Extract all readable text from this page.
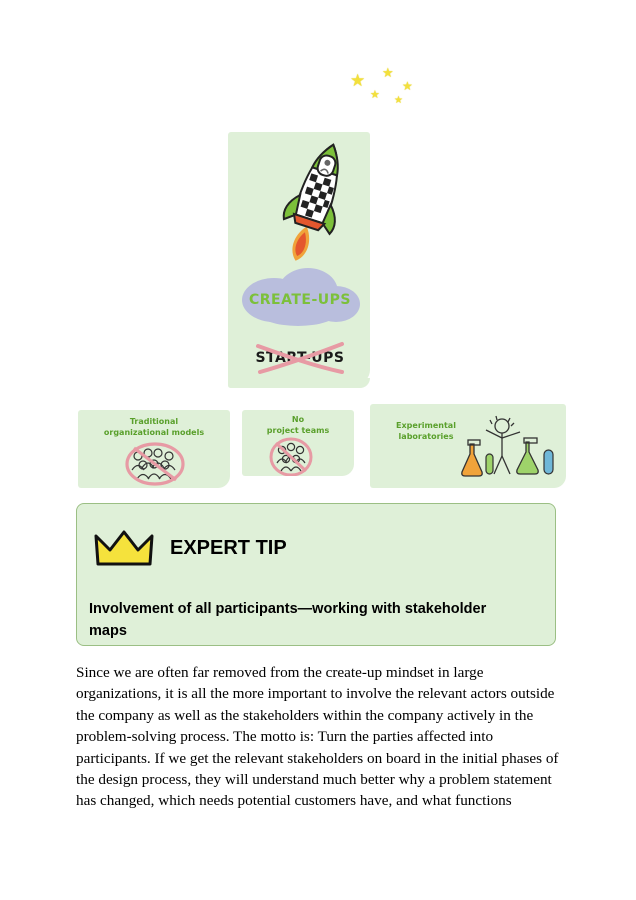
★ ★
★
★ ★
CREATE-UPS
START-UPS
Traditional
organizational models
No
project teams
Experimental
laboratories
EXPERT TIP
Involvement of all participants—working with stakeholder maps
Since we are often far removed from the create-up mindset in large organizations, it is all the more important to involve the relevant actors outside the company as well as the stakeholders within the company actively in the problem-solving process. The motto is: Turn the parties affected into participants. If we get the relevant stakeholders on board in the initial phases of the design process, they will understand much better why a problem statement has changed, which needs potential customers have, and what functions
